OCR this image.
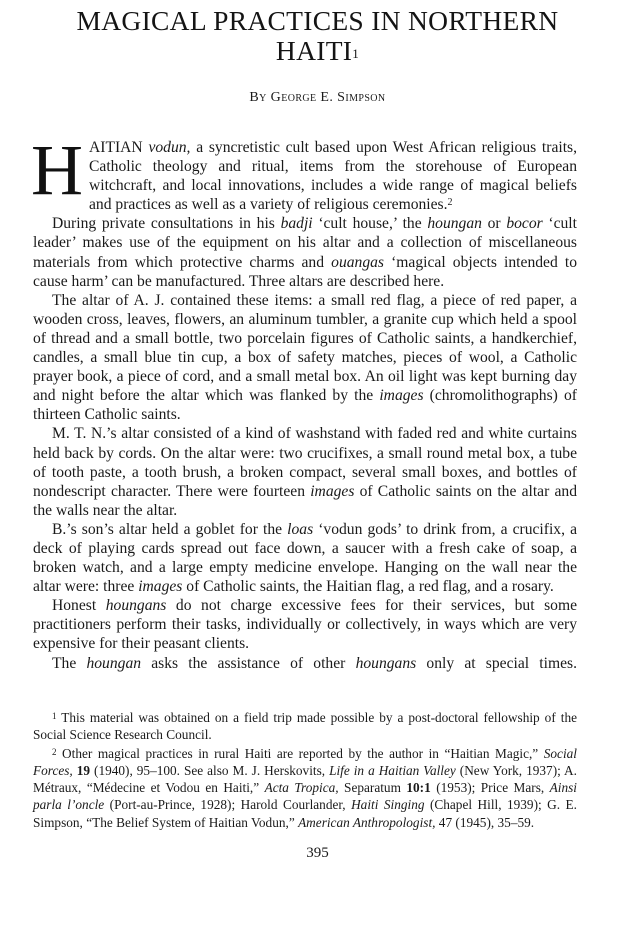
MAGICAL PRACTICES IN NORTHERN
HAITI$^1$
By George E. Simpson

HAITIAN vodun, a syncretistic cult based upon West African religious traits, Catholic theology and ritual, items from the storehouse of European witchcraft, and local innovations, includes a wide range of magical beliefs and practices as well as a variety of religious ceremonies.$^2$

During private consultations in his badji ‘cult house,’ the houngan or bocor ‘cult leader’ makes use of the equipment on his altar and a collection of miscellaneous materials from which protective charms and ouangas ‘magical objects intended to cause harm’ can be manufactured. Three altars are described here.

The altar of A. J. contained these items: a small red flag, a piece of red paper, a wooden cross, leaves, flowers, an aluminum tumbler, a granite cup which held a spool of thread and a small bottle, two porcelain figures of Catholic saints, a handkerchief, candles, a small blue tin cup, a box of safety matches, pieces of wool, a Catholic prayer book, a piece of cord, and a small metal box. An oil light was kept burning day and night before the altar which was flanked by the images (chromolithographs) of thirteen Catholic saints.

M. T. N.’s altar consisted of a kind of washstand with faded red and white curtains held back by cords. On the altar were: two crucifixes, a small round metal box, a tube of tooth paste, a tooth brush, a broken compact, several small boxes, and bottles of nondescript character. There were fourteen images of Catholic saints on the altar and the walls near the altar.

B.’s son’s altar held a goblet for the loas ‘vodun gods’ to drink from, a crucifix, a deck of playing cards spread out face down, a saucer with a fresh cake of soap, a broken watch, and a large empty medicine envelope. Hanging on the wall near the altar were: three images of Catholic saints, the Haitian flag, a red flag, and a rosary.

Honest houngans do not charge excessive fees for their services, but some practitioners perform their tasks, individually or collectively, in ways which are very expensive for their peasant clients.

The houngan asks the assistance of other houngans only at special times.

$^1$ This material was obtained on a field trip made possible by a post-doctoral fellowship of the Social Science Research Council.

$^2$ Other magical practices in rural Haiti are reported by the author in “Haitian Magic,” Social Forces, 19 (1940), 95–100. See also M. J. Herskovits, Life in a Haitian Valley (New York, 1937); A. Métraux, “Médecine et Vodou en Haiti,” Acta Tropica, Separatum 10:1 (1953); Price Mars, Ainsi parla l’oncle (Port-au-Prince, 1928); Harold Courlander, Haiti Singing (Chapel Hill, 1939); G. E. Simpson, “The Belief System of Haitian Vodun,” American Anthropologist, 47 (1945), 35–59.

395
